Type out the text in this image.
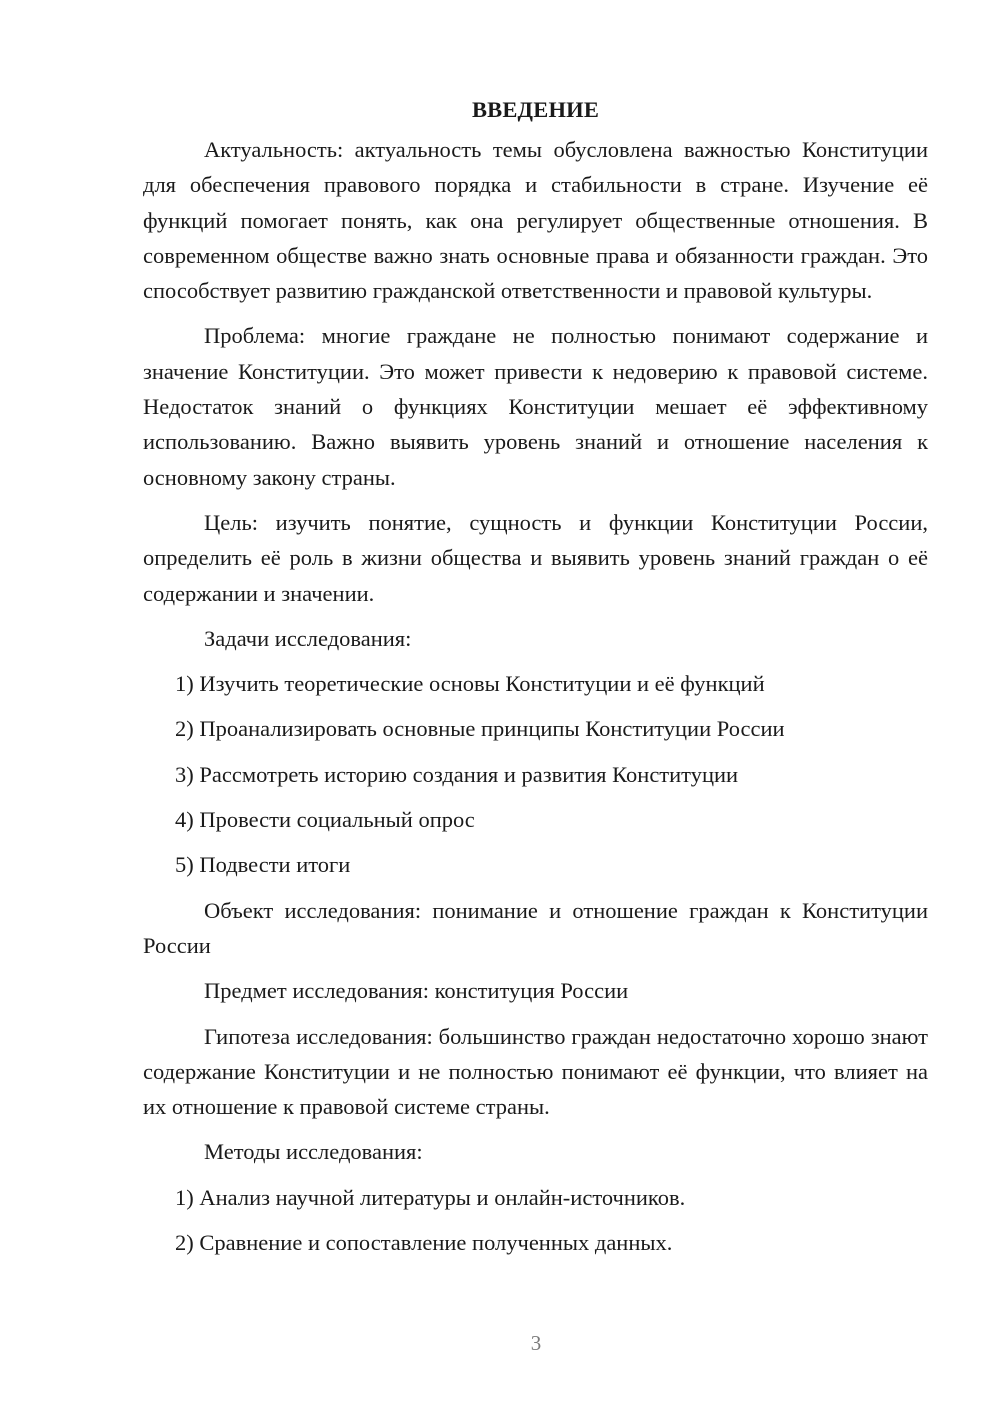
ВВЕДЕНИЕ

Актуальность: актуальность темы обусловлена важностью Конституции для обеспечения правового порядка и стабильности в стране. Изучение её функций помогает понять, как она регулирует общественные отношения. В современном обществе важно знать основные права и обязанности граждан. Это способствует развитию гражданской ответственности и правовой культуры.

Проблема: многие граждане не полностью понимают содержание и значение Конституции. Это может привести к недоверию к правовой системе. Недостаток знаний о функциях Конституции мешает её эффективному использованию. Важно выявить уровень знаний и отношение населения к основному закону страны.

Цель: изучить понятие, сущность и функции Конституции России, определить её роль в жизни общества и выявить уровень знаний граждан о её содержании и значении.

Задачи исследования:

1) Изучить теоретические основы Конституции и её функций

2) Проанализировать основные принципы Конституции России

3) Рассмотреть историю создания и развития Конституции

4) Провести социальный опрос

5) Подвести итоги

Объект исследования: понимание и отношение граждан к Конституции России

Предмет исследования: конституция России

Гипотеза исследования: большинство граждан недостаточно хорошо знают содержание Конституции и не полностью понимают её функции, что влияет на их отношение к правовой системе страны.

Методы исследования:

1) Анализ научной литературы и онлайн-источников.

2) Сравнение и сопоставление полученных данных.

3
